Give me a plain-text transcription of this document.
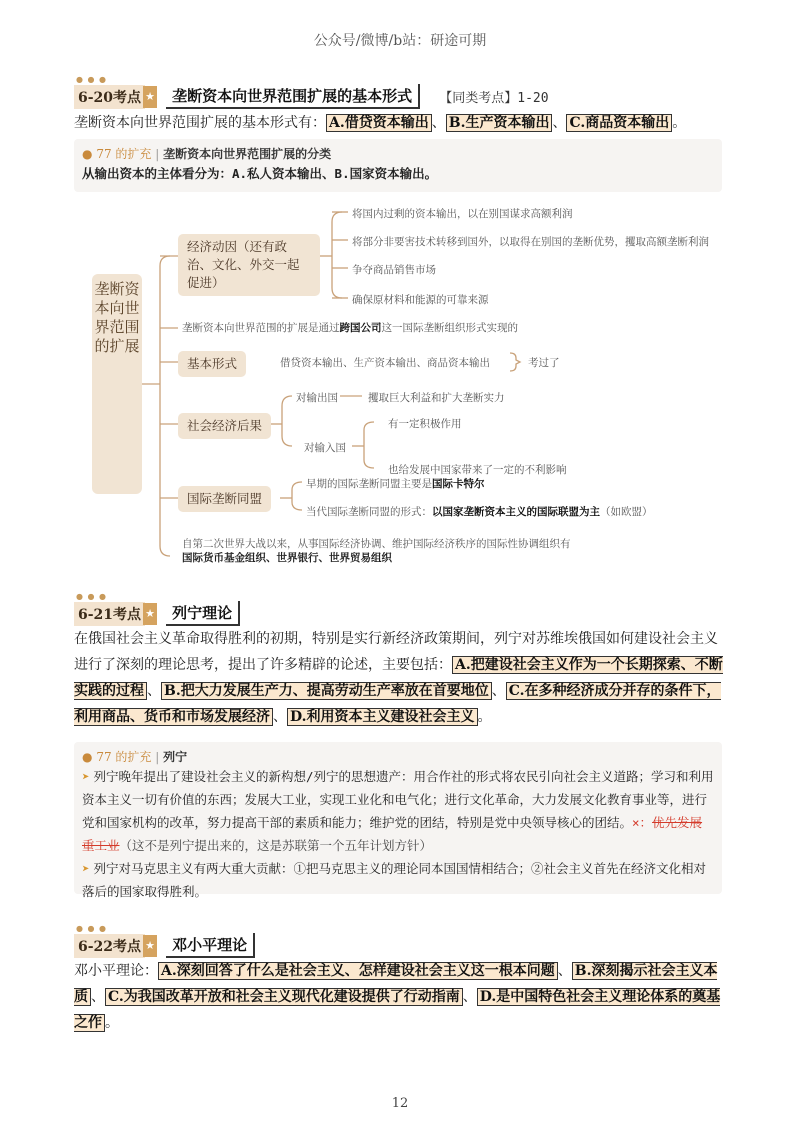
公众号/微博/b站：研途可期
● ● ●
6-20考点 ★ 垄断资本向世界范围扩展的基本形式 【同类考点】1-20
垄断资本向世界范围扩展的基本形式有： A.借贷资本输出 、 B.生产资本输出 、 C.商品资本输出 。
● 77 的扩充 | 垄断资本向世界范围扩展的分类
从输出资本的主体看分为：A.私人资本输出、B.国家资本输出。
垄断资本向世界范围的扩展
经济动因（还有政治、文化、外交一起促进）
将国内过剩的资本输出，以在别国谋求高额利润
将部分非要害技术转移到国外，以取得在别国的垄断优势，攫取高额垄断利润
争夺商品销售市场
确保原材料和能源的可靠来源
垄断资本向世界范围的扩展是通过跨国公司这一国际垄断组织形式实现的
基本形式	借贷资本输出、生产资本输出、商品资本输出	考过了
社会经济后果
对输出国	攫取巨大利益和扩大垄断实力
对输入国
有一定积极作用
也给发展中国家带来了一定的不利影响
国际垄断同盟
早期的国际垄断同盟主要是国际卡特尔
当代国际垄断同盟的形式：以国家垄断资本主义的国际联盟为主（如欧盟）
自第二次世界大战以来，从事国际经济协调、维护国际经济秩序的国际性协调组织有
国际货币基金组织、世界银行、世界贸易组织
● ● ●
6-21考点 ★ 列宁理论
在俄国社会主义革命取得胜利的初期，特别是实行新经济政策期间，列宁对苏维埃俄国如何建设社会主义进行了深刻的理论思考，提出了许多精辟的论述，主要包括： A.把建设社会主义作为一个长期探索、不断实践的过程 、 B.把大力发展生产力、提高劳动生产率放在首要地位 、 C.在多种经济成分并存的条件下，利用商品、货币和市场发展经济 、 D.利用资本主义建设社会主义 。
● 77 的扩充 | 列宁
➤ 列宁晚年提出了建设社会主义的新构想/列宁的思想遗产：用合作社的形式将农民引向社会主义道路；学习和利用资本主义一切有价值的东西；发展大工业，实现工业化和电气化；进行文化革命，大力发展文化教育事业等，进行党和国家机构的改革，努力提高干部的素质和能力；维护党的团结，特别是党中央领导核心的团结。×：优先发展重工业（这不是列宁提出来的，这是苏联第一个五年计划方针）
➤ 列宁对马克思主义有两大重大贡献：①把马克思主义的理论同本国国情相结合；②社会主义首先在经济文化相对落后的国家取得胜利。
● ● ●
6-22考点 ★ 邓小平理论
邓小平理论： A.深刻回答了什么是社会主义、怎样建设社会主义这一根本问题 、 B.深刻揭示社会主义本质 、 C.为我国改革开放和社会主义现代化建设提供了行动指南 、 D.是中国特色社会主义理论体系的奠基之作 。
12
